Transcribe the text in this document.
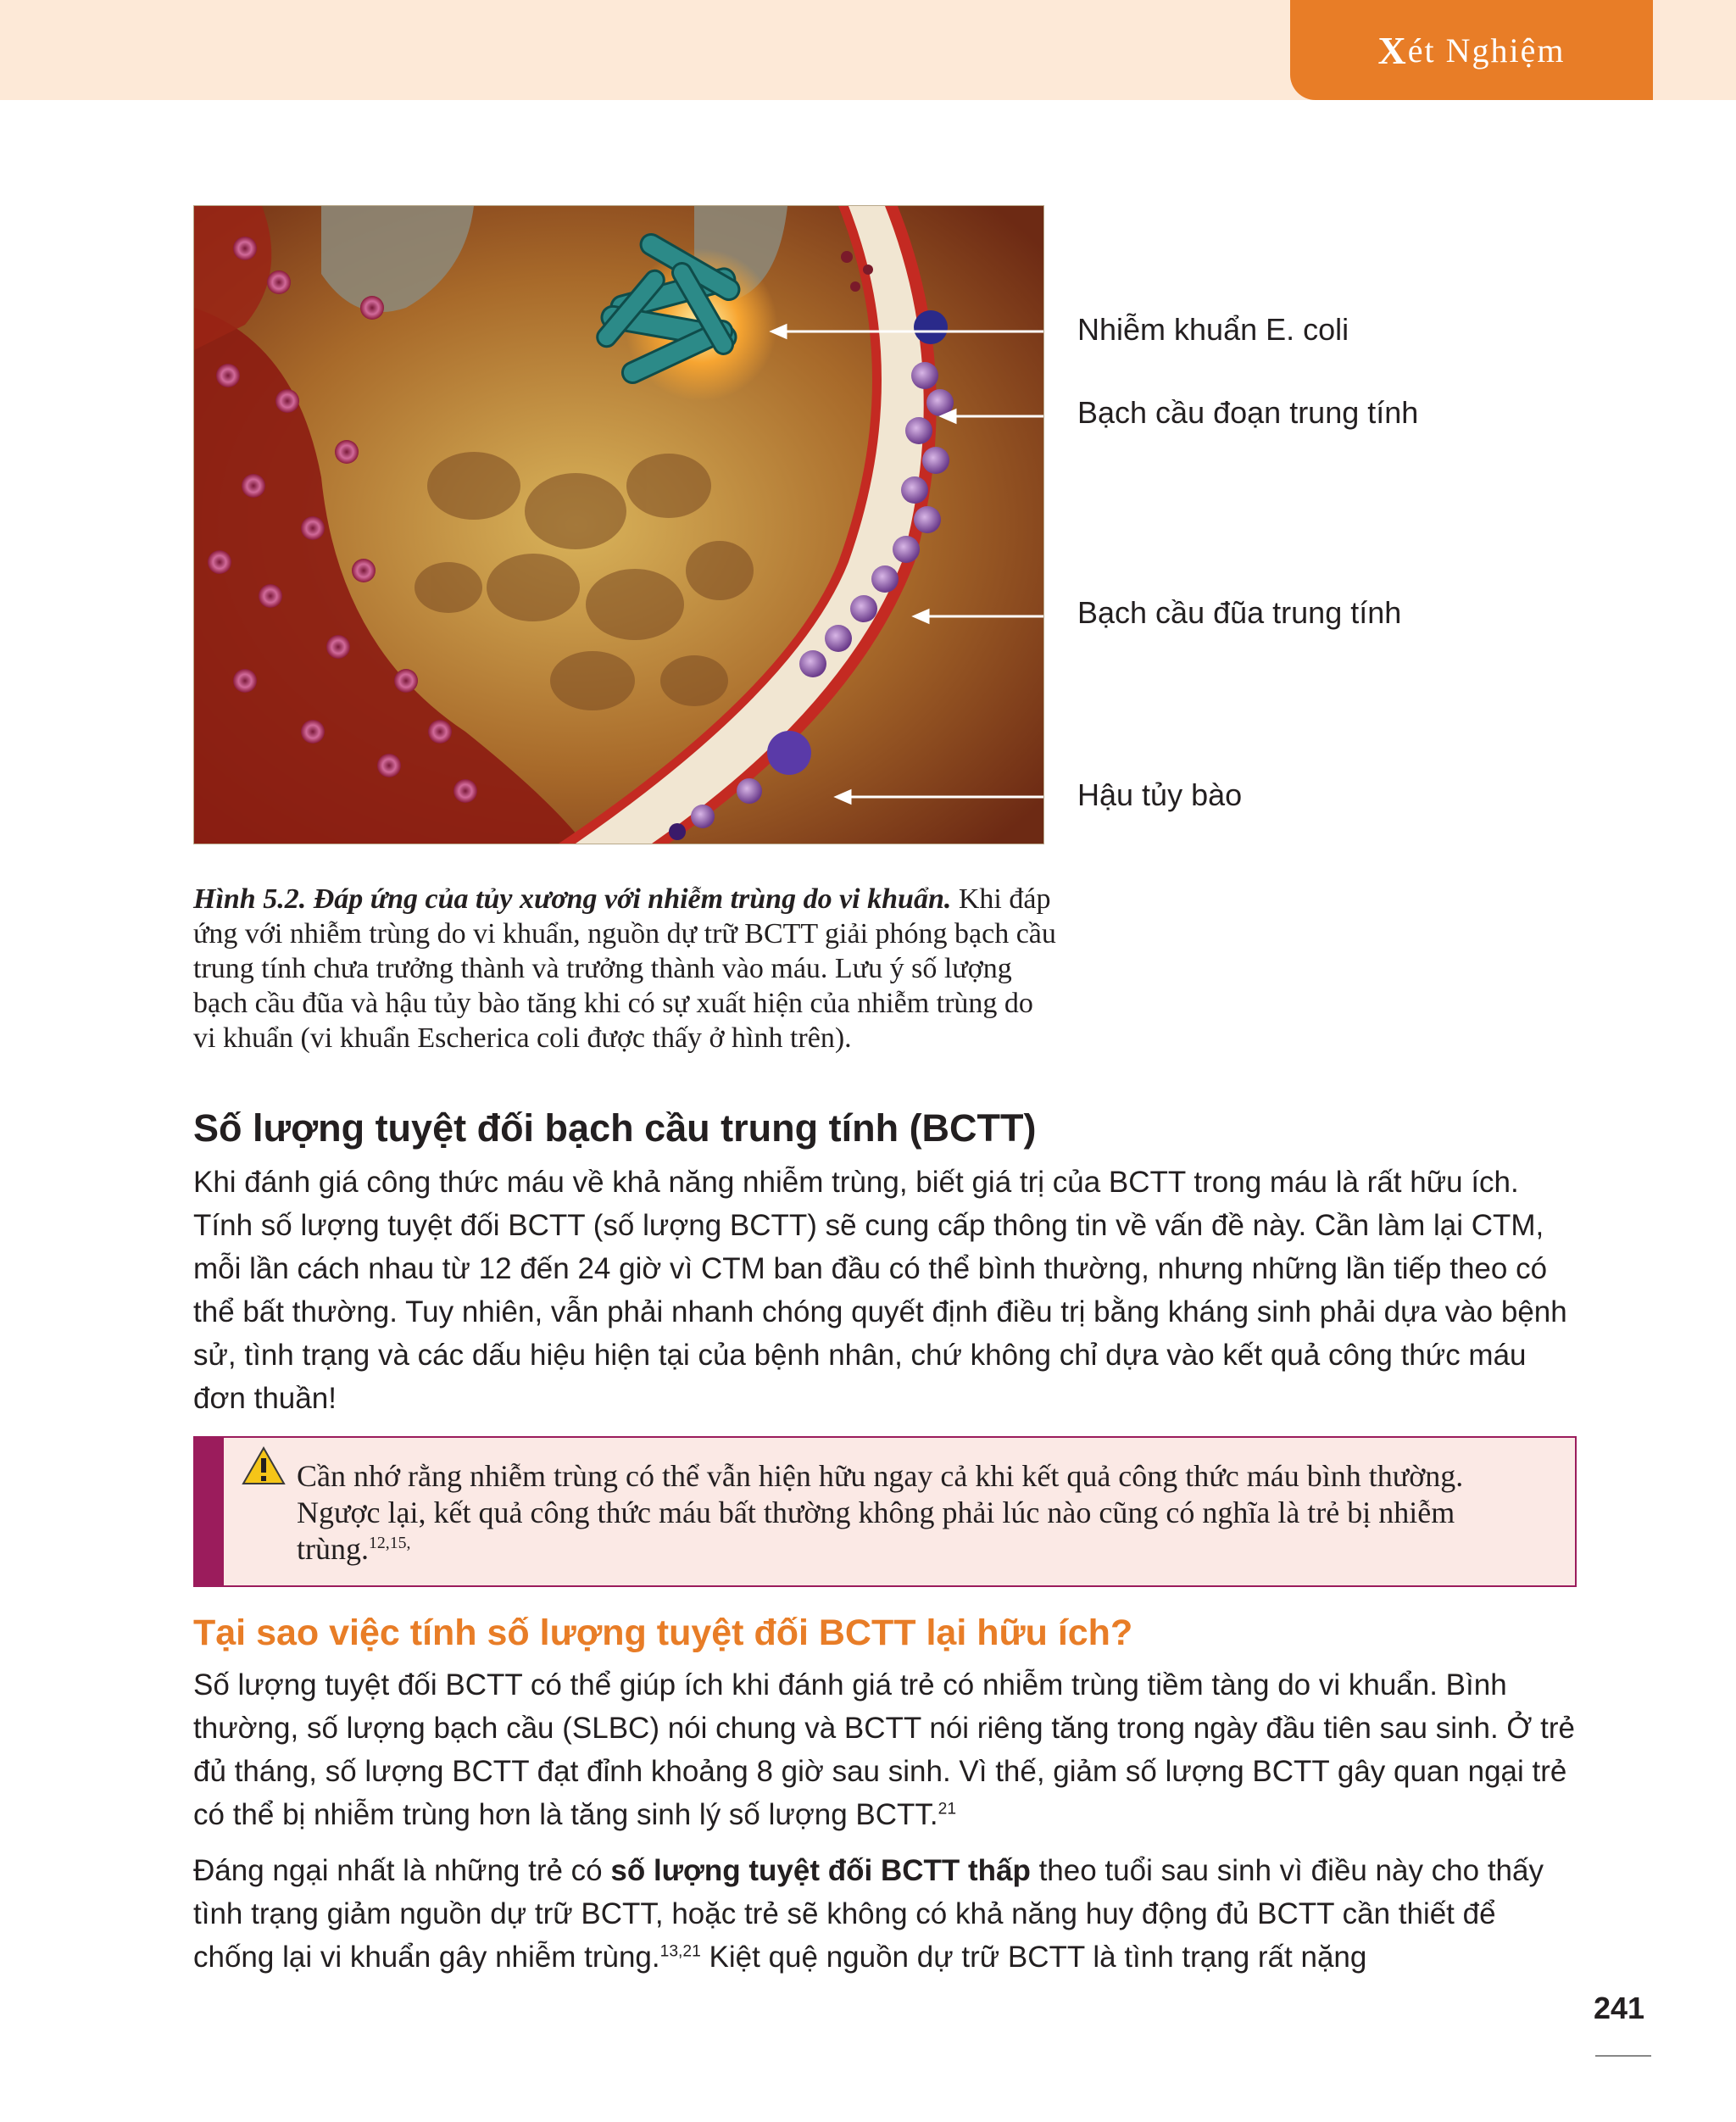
X ét Nghiệm
Nhiễm khuẩn E. coli
Bạch cầu đoạn trung tính
Bạch cầu đũa trung tính
Hậu tủy bào
Hình 5.2. Đáp ứng của tủy xương với nhiễm trùng do vi khuẩn. Khi đáp ứng với nhiễm trùng do vi khuẩn, nguồn dự trữ BCTT giải phóng bạch cầu trung tính chưa trưởng thành và trưởng thành vào máu. Lưu ý số lượng bạch cầu đũa và hậu tủy bào tăng khi có sự xuất hiện của nhiễm trùng do vi khuẩn (vi khuẩn Escherica coli được thấy ở hình trên).
Số lượng tuyệt đối bạch cầu trung tính (BCTT)

Khi đánh giá công thức máu về khả năng nhiễm trùng, biết giá trị của BCTT trong máu là rất hữu ích. Tính số lượng tuyệt đối BCTT (số lượng BCTT) sẽ cung cấp thông tin về vấn đề này. Cần làm lại CTM, mỗi lần cách nhau từ 12 đến 24 giờ vì CTM ban đầu có thể bình thường, nhưng những lần tiếp theo có thể bất thường. Tuy nhiên, vẫn phải nhanh chóng quyết định điều trị bằng kháng sinh phải dựa vào bệnh sử, tình trạng và các dấu hiệu hiện tại của bệnh nhân, chứ không chỉ dựa vào kết quả công thức máu đơn thuần!

Cần nhớ rằng nhiễm trùng có thể vẫn hiện hữu ngay cả khi kết quả công thức máu bình thường. Ngược lại, kết quả công thức máu bất thường không phải lúc nào cũng có nghĩa là trẻ bị nhiễm trùng.$^{12,15,}$
Tại sao việc tính số lượng tuyệt đối BCTT lại hữu ích?

Số lượng tuyệt đối BCTT có thể giúp ích khi đánh giá trẻ có nhiễm trùng tiềm tàng do vi khuẩn. Bình thường, số lượng bạch cầu (SLBC) nói chung và BCTT nói riêng tăng trong ngày đầu tiên sau sinh. Ở trẻ đủ tháng, số lượng BCTT đạt đỉnh khoảng 8 giờ sau sinh. Vì thế, giảm số lượng BCTT gây quan ngại trẻ có thể bị nhiễm trùng hơn là tăng sinh lý số lượng BCTT.$^{21}$

Đáng ngại nhất là những trẻ có số lượng tuyệt đối BCTT thấp theo tuổi sau sinh vì điều này cho thấy tình trạng giảm nguồn dự trữ BCTT, hoặc trẻ sẽ không có khả năng huy động đủ BCTT cần thiết để chống lại vi khuẩn gây nhiễm trùng.$^{13,21}$ Kiệt quệ nguồn dự trữ BCTT là tình trạng rất nặng

241
